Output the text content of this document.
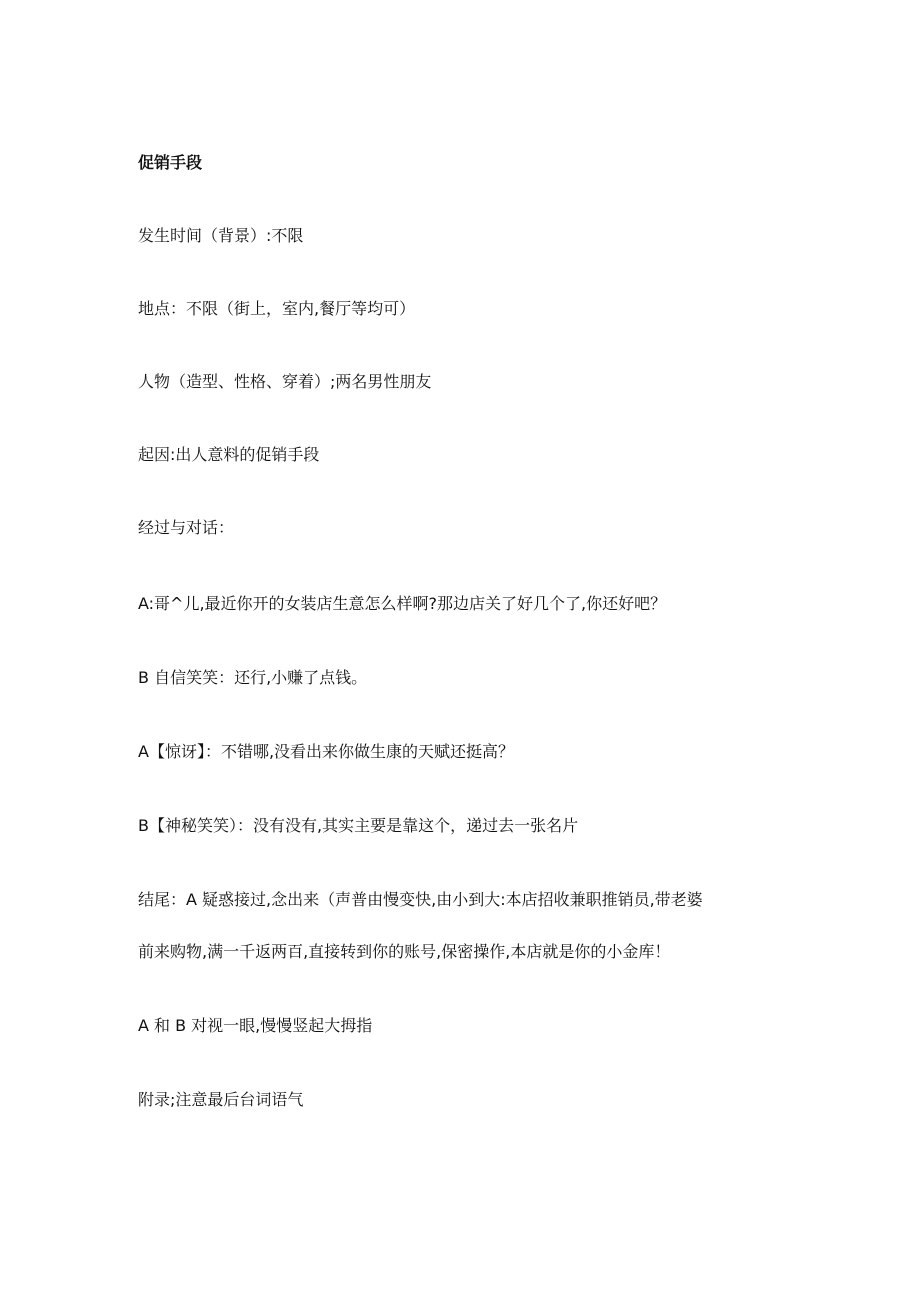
促销手段
发生时间（背景）:不限
地点：不限（街上，室内,餐厅等均可）
人物（造型、性格、穿着）;两名男性朋友
起因:出人意料的促销手段
经过与对话：
A:哥^儿,最近你开的女装店生意怎么样啊?那边店关了好几个了,你还好吧？
B 自信笑笑：还行,小赚了点钱。
A【惊讶】：不错哪,没看出来你做生康的天赋还挺高？
B【神秘笑笑）：没有没有,其实主要是靠这个，递过去一张名片
结尾：A 疑惑接过,念出来（声普由慢变快,由小到大:本店招收兼职推销员,带老婆
前来购物,满一千返两百,直接转到你的账号,保密操作,本店就是你的小金库！
A 和 B 对视一眼,慢慢竖起大拇指
附录;注意最后台词语气
